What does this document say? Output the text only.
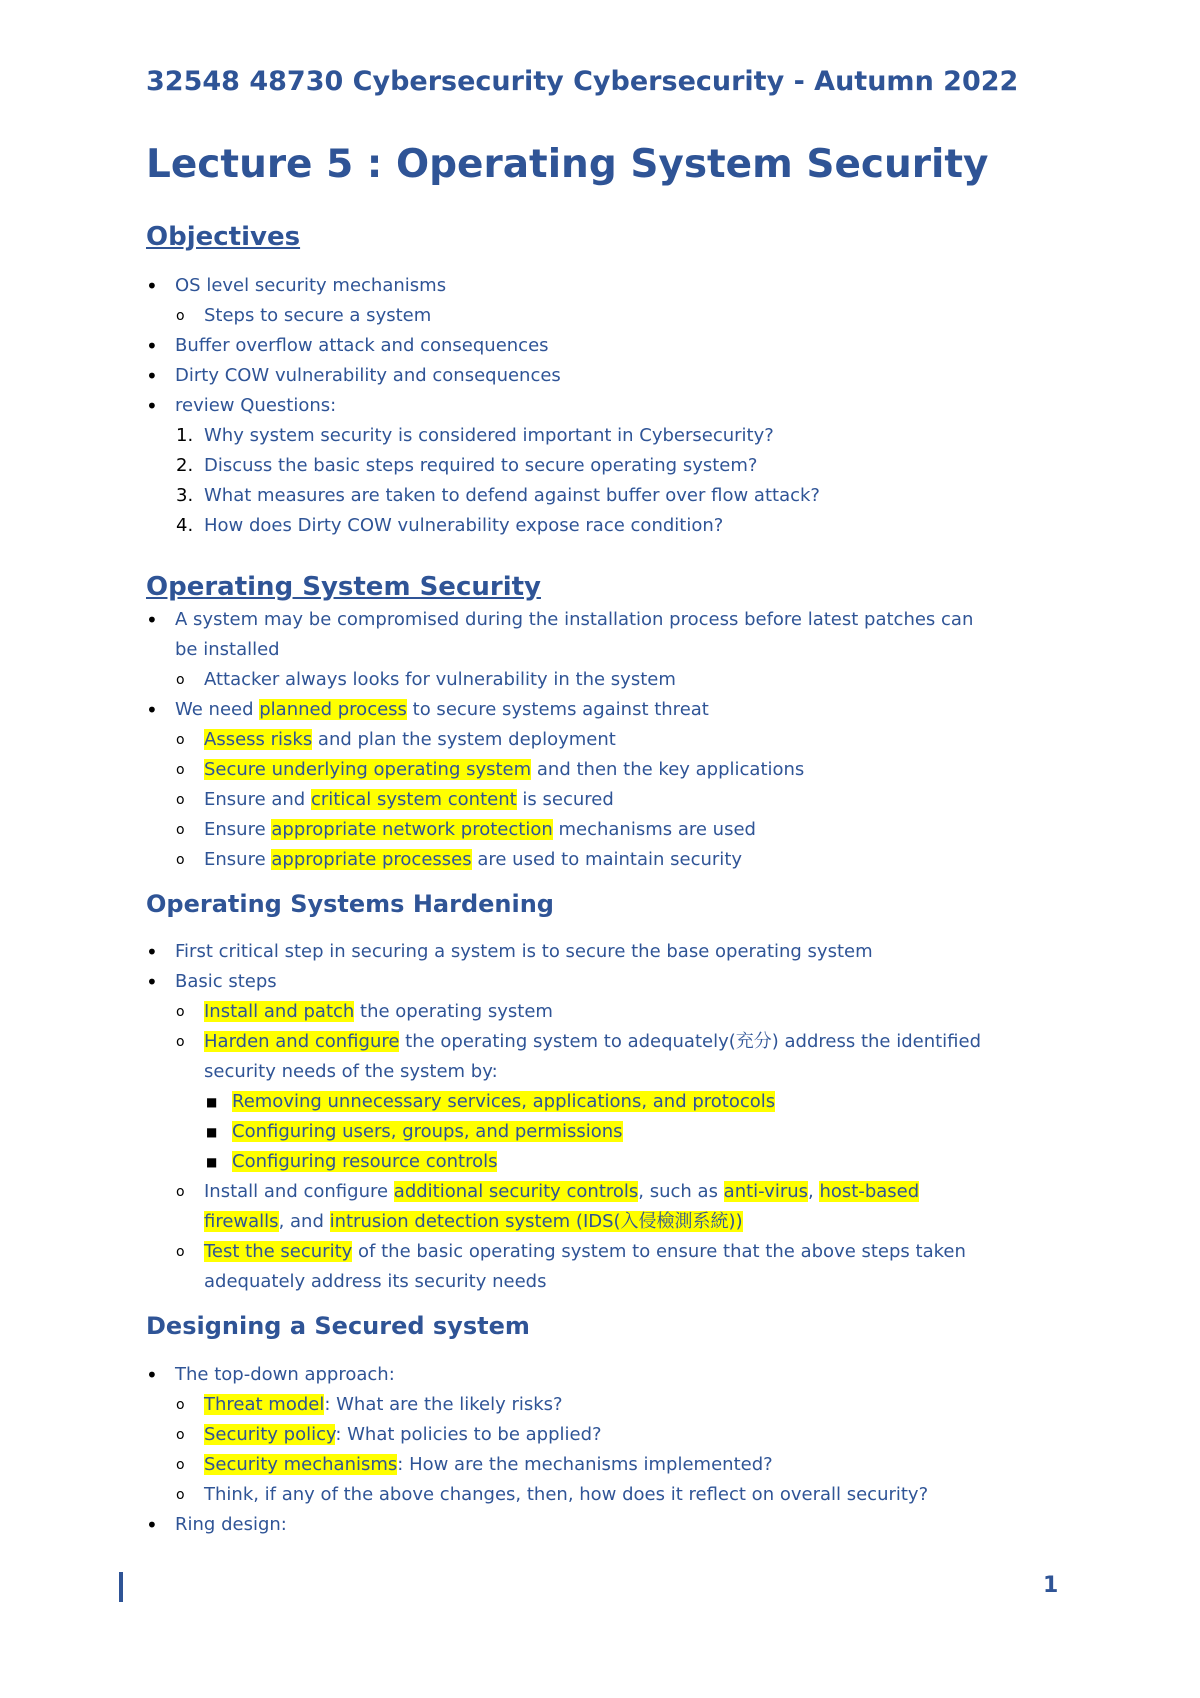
32548 48730 Cybersecurity Cybersecurity - Autumn 2022
Lecture 5 : Operating System Security
Objectives
• OS level security mechanisms
o Steps to secure a system
• Buffer overflow attack and consequences
• Dirty COW vulnerability and consequences
• review Questions:
1. Why system security is considered important in Cybersecurity?
2. Discuss the basic steps required to secure operating system?
3. What measures are taken to defend against buffer over flow attack?
4. How does Dirty COW vulnerability expose race condition?
Operating System Security
• A system may be compromised during the installation process before latest patches can be installed
o Attacker always looks for vulnerability in the system
• We need planned process to secure systems against threat
o Assess risks and plan the system deployment
o Secure underlying operating system and then the key applications
o Ensure and critical system content is secured
o Ensure appropriate network protection mechanisms are used
o Ensure appropriate processes are used to maintain security
Operating Systems Hardening
• First critical step in securing a system is to secure the base operating system
• Basic steps
o Install and patch the operating system
o Harden and configure the operating system to adequately(充分) address the identified security needs of the system by:
■ Removing unnecessary services, applications, and protocols
■ Configuring users, groups, and permissions
■ Configuring resource controls
o Install and configure additional security controls, such as anti-virus, host-based firewalls, and intrusion detection system (IDS(入侵檢測系統))
o Test the security of the basic operating system to ensure that the above steps taken adequately address its security needs
Designing a Secured system
• The top-down approach:
o Threat model: What are the likely risks?
o Security policy: What policies to be applied?
o Security mechanisms: How are the mechanisms implemented?
o Think, if any of the above changes, then, how does it reflect on overall security?
• Ring design:
1
